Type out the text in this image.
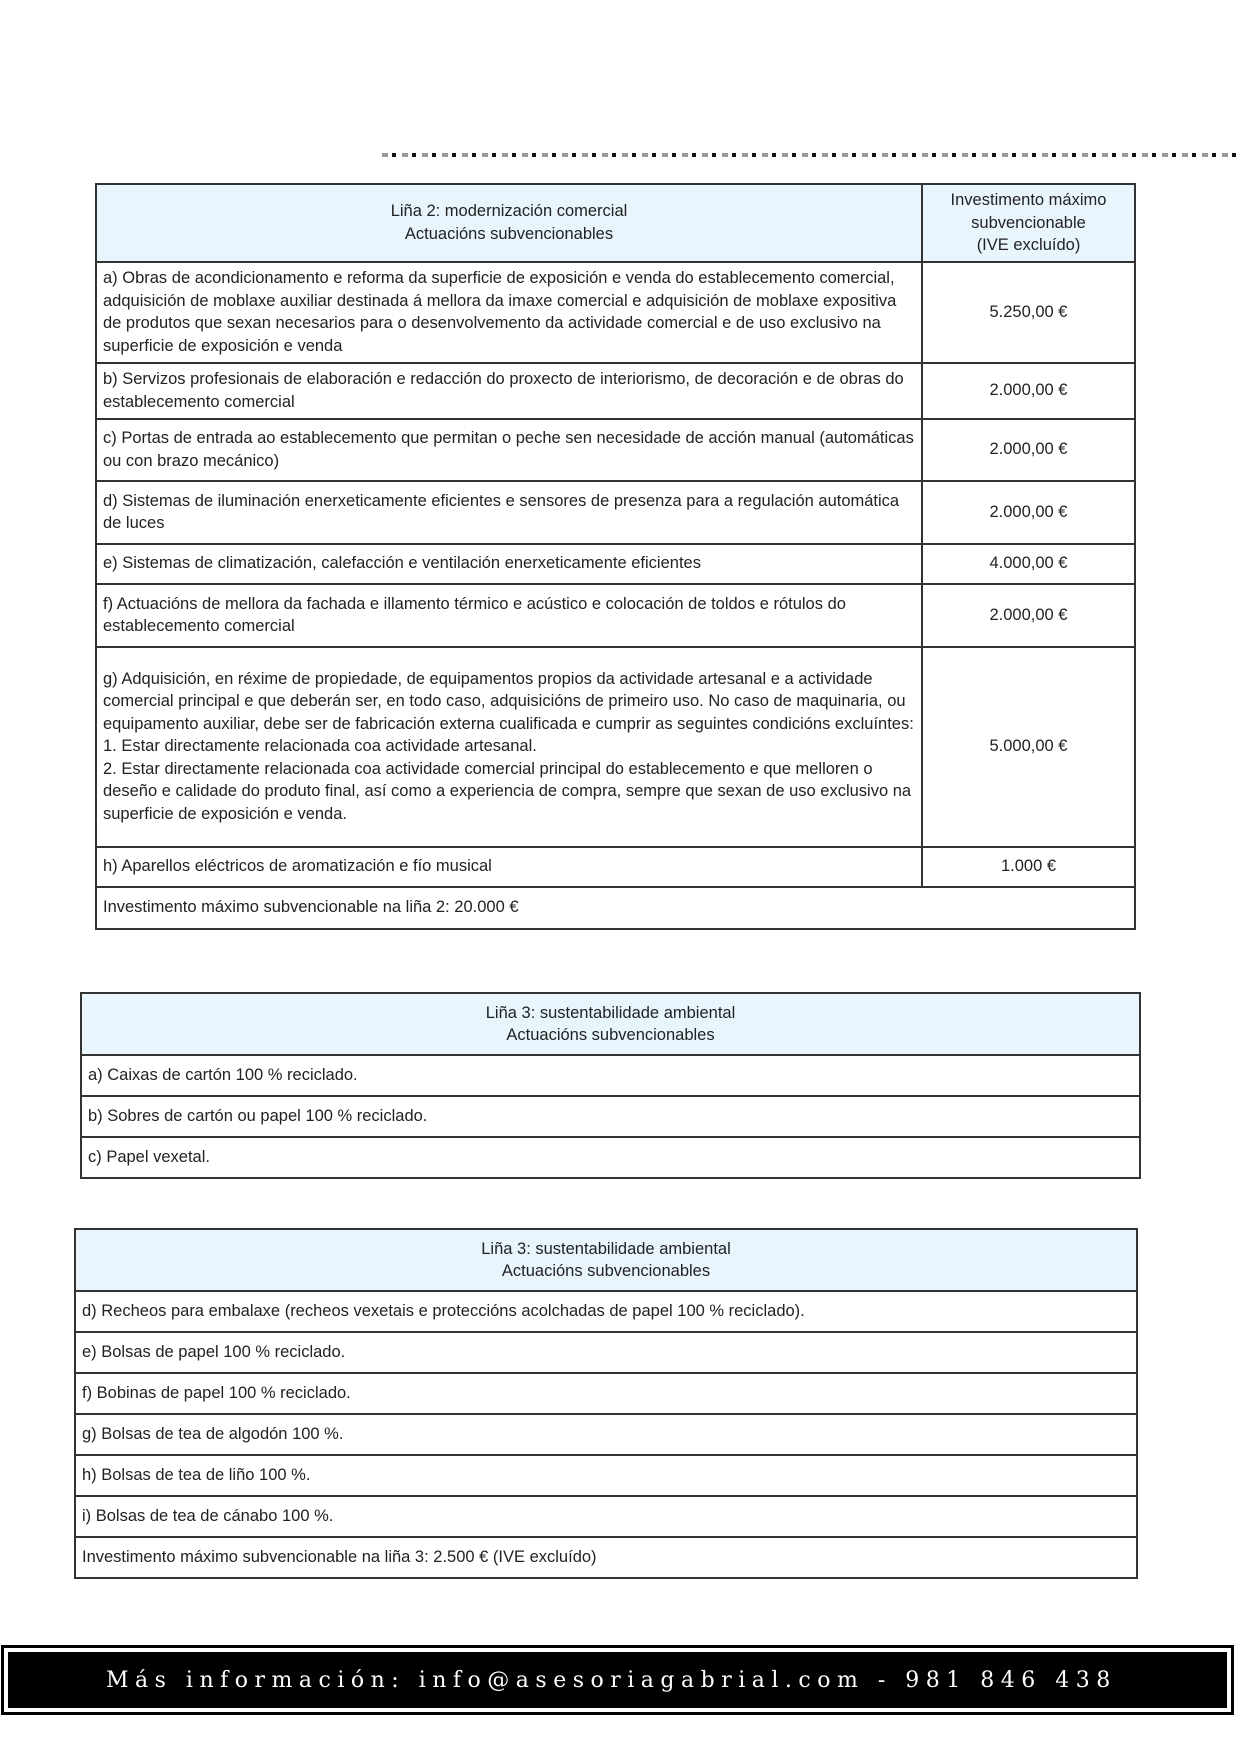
Liña 2: modernización comercial
Actuacións subvencionables

Investimento máximo
subvencionable
(IVE excluído)

a) Obras de acondicionamento e reforma da superficie de exposición e venda do establecemento comercial, adquisición de moblaxe auxiliar destinada á mellora da imaxe comercial e adquisición de moblaxe expositiva de produtos que sexan necesarios para o desenvolvemento da actividade comercial e de uso exclusivo na superficie de exposición e venda	5.250,00 €
b) Servizos profesionais de elaboración e redacción do proxecto de interiorismo, de decoración e de obras do establecemento comercial	2.000,00 €
c) Portas de entrada ao establecemento que permitan o peche sen necesidade de acción manual (automáticas ou con brazo mecánico)	2.000,00 €
d) Sistemas de iluminación enerxeticamente eficientes e sensores de presenza para a regulación automática de luces	2.000,00 €
e) Sistemas de climatización, calefacción e ventilación enerxeticamente eficientes	4.000,00 €
f) Actuacións de mellora da fachada e illamento térmico e acústico e colocación de toldos e rótulos do establecemento comercial	2.000,00 €

g) Adquisición, en réxime de propiedade, de equipamentos propios da actividade artesanal e a actividade comercial principal e que deberán ser, en todo caso, adquisicións de primeiro uso. No caso de maquinaria, ou equipamento auxiliar, debe ser de fabricación externa cualificada e cumprir as seguintes condicións excluíntes:
1. Estar directamente relacionada coa actividade artesanal.
2. Estar directamente relacionada coa actividade comercial principal do establecemento e que melloren o deseño e calidade do produto final, así como a experiencia de compra, sempre que sexan de uso exclusivo na superficie de exposición e venda.	5.000,00 €
h) Aparellos eléctricos de aromatización e fío musical	1.000 €
Investimento máximo subvencionable na liña 2: 20.000 €	
Liña 3: sustentabilidade ambiental
Actuacións subvencionables

a) Caixas de cartón 100 % reciclado.
b) Sobres de cartón ou papel 100 % reciclado.
c) Papel vexetal.
Liña 3: sustentabilidade ambiental
Actuacións subvencionables

d) Recheos para embalaxe (recheos vexetais e proteccións acolchadas de papel 100 % reciclado).
e) Bolsas de papel 100 % reciclado.
f) Bobinas de papel 100 % reciclado.
g) Bolsas de tea de algodón 100 %.
h) Bolsas de tea de liño 100 %.
i) Bolsas de tea de cánabo 100 %.
Investimento máximo subvencionable na liña 3: 2.500 € (IVE excluído)
Más información: info@asesoriagabrial.com - 981 846 438
